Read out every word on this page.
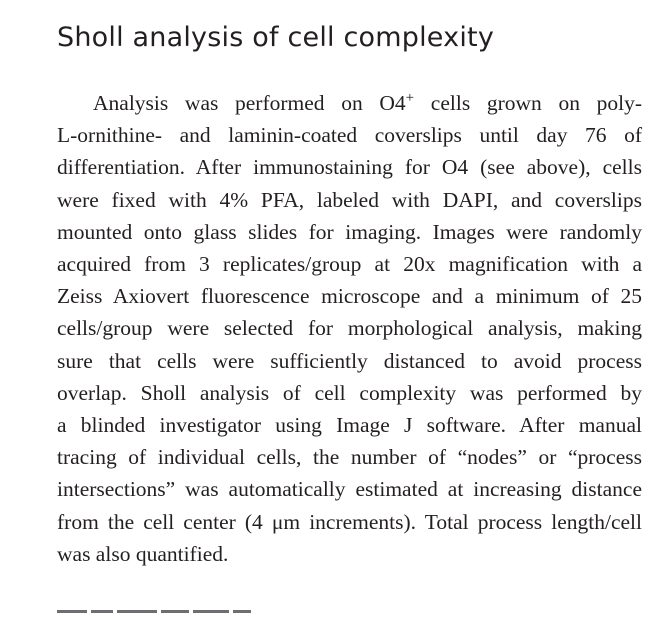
Sholl analysis of cell complexity
Analysis was performed on O4+ cells grown on poly-
L-ornithine- and laminin-coated coverslips until day 76 of
differentiation. After immunostaining for O4 (see above), cells
were fixed with 4% PFA, labeled with DAPI, and coverslips
mounted onto glass slides for imaging. Images were randomly
acquired from 3 replicates/group at 20x magnification with a
Zeiss Axiovert fluorescence microscope and a minimum of 25
cells/group were selected for morphological analysis, making
sure that cells were sufficiently distanced to avoid process
overlap. Sholl analysis of cell complexity was performed by
a blinded investigator using Image J software. After manual
tracing of individual cells, the number of “nodes” or “process
intersections” was automatically estimated at increasing distance
from the cell center (4 μm increments). Total process length/cell
was also quantified.
